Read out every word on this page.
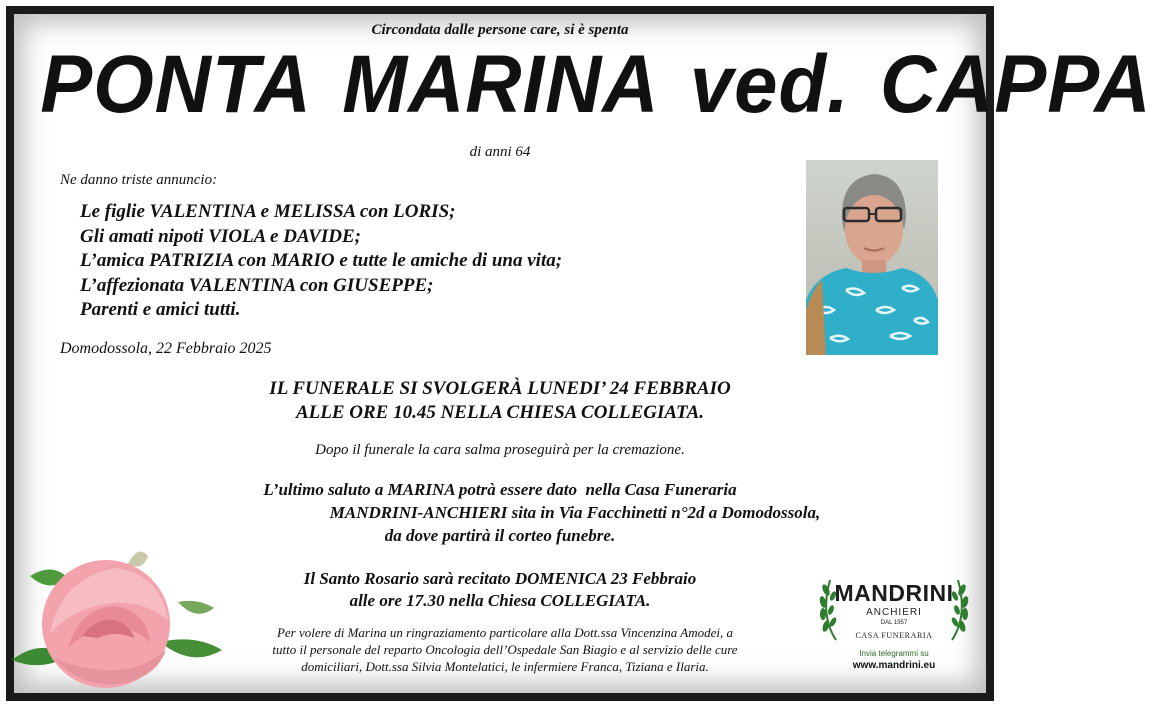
Circondata dalle persone care, si è spenta
PONTA MARINA ved. CAPPA
di anni 64
Ne danno triste annuncio:
Le figlie VALENTINA e MELISSA con LORIS;
Gli amati nipoti VIOLA e DAVIDE;
L’amica PATRIZIA con MARIO e tutte le amiche di una vita;
L’affezionata VALENTINA con GIUSEPPE;
Parenti e amici tutti.
Domodossola, 22 Febbraio 2025
IL FUNERALE SI SVOLGERÀ LUNEDI’ 24 FEBBRAIO
ALLE ORE 10.45 NELLA CHIESA COLLEGIATA.
Dopo il funerale la cara salma proseguirà per la cremazione.
L’ultimo saluto a MARINA potrà essere dato  nella Casa Funeraria
MANDRINI-ANCHIERI sita in Via Facchinetti n°2d a Domodossola,
da dove partirà il corteo funebre.
Il Santo Rosario sarà recitato DOMENICA 23 Febbraio
alle ore 17.30 nella Chiesa COLLEGIATA.
Per volere di Marina un ringraziamento particolare alla Dott.ssa Vincenzina Amodei, a
tutto il personale del reparto Oncologia dell’Ospedale San Biagio e al servizio delle cure
domiciliari, Dott.ssa Silvia Montelatici, le infermiere Franca, Tiziana e Ilaria.
MANDRINI
ANCHIERI
DAL 1957
CASA FUNERARIA
Invia telegrammi su
www.mandrini.eu
